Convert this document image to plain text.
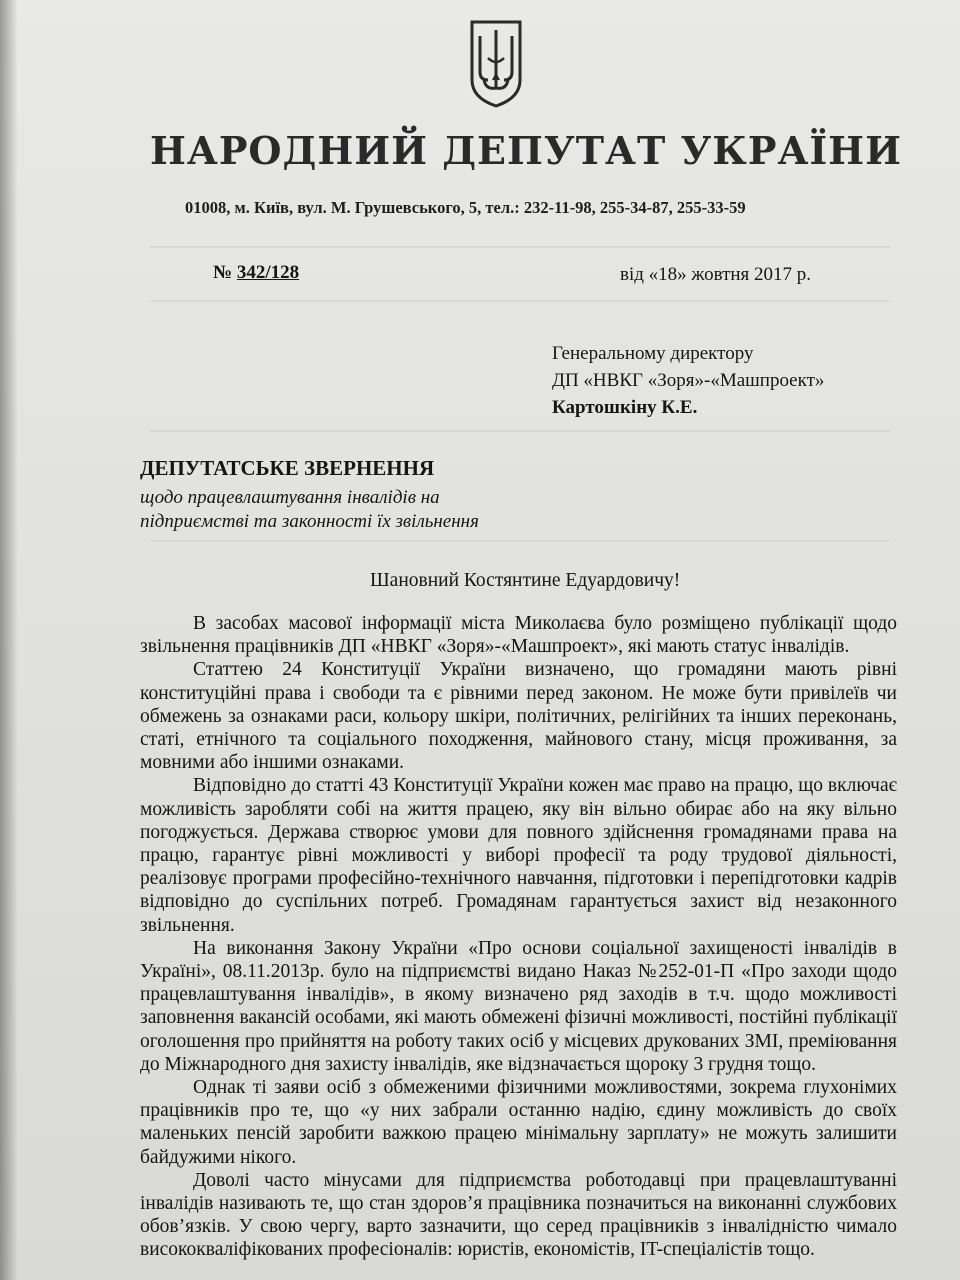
НАРОДНИЙ ДЕПУТАТ УКРАЇНИ
01008, м. Київ, вул. М. Грушевського, 5, тел.: 232-11-98, 255-34-87, 255-33-59
№ 342/128	від «18» жовтня 2017 р.
Генеральному директору
ДП «НВКГ «Зоря»-«Машпроект»
Картошкіну К.Е.
ДЕПУТАТСЬКЕ ЗВЕРНЕННЯ
щодо працевлаштування інвалідів на
підприємстві та законності їх звільнення
Шановний Костянтине Едуардовичу!

В засобах масової інформації міста Миколаєва було розміщено публікації щодо звільнення працівників ДП «НВКГ «Зоря»-«Машпроект», які мають статус інвалідів.

Статтею 24 Конституції України визначено, що громадяни мають рівні конституційні права і свободи та є рівними перед законом. Не може бути привілеїв чи обмежень за ознаками раси, кольору шкіри, політичних, релігійних та інших переконань, статі, етнічного та соціального походження, майнового стану, місця проживання, за мовними або іншими ознаками.

Відповідно до статті 43 Конституції України кожен має право на працю, що включає можливість заробляти собі на життя працею, яку він вільно обирає або на яку вільно погоджується. Держава створює умови для повного здійснення громадянами права на працю, гарантує рівні можливості у виборі професії та роду трудової діяльності, реалізовує програми професійно-технічного навчання, підготовки і перепідготовки кадрів відповідно до суспільних потреб. Громадянам гарантується захист від незаконного звільнення.

На виконання Закону України «Про основи соціальної захищеності інвалідів в Україні», 08.11.2013р. було на підприємстві видано Наказ №252-01-П «Про заходи щодо працевлаштування інвалідів», в якому визначено ряд заходів в т.ч. щодо можливості заповнення вакансій особами, які мають обмежені фізичні можливості, постійні публікації оголошення про прийняття на роботу таких осіб у місцевих друкованих ЗМІ, преміювання до Міжнародного дня захисту інвалідів, яке відзначається щороку 3 грудня тощо.

Однак ті заяви осіб з обмеженими фізичними можливостями, зокрема глухонімих працівників про те, що «у них забрали останню надію, єдину можливість до своїх маленьких пенсій заробити важкою працею мінімальну зарплату» не можуть залишити байдужими нікого.

Доволі часто мінусами для підприємства роботодавці при працевлаштуванні інвалідів називають те, що стан здоров’я працівника позначиться на виконанні службових обов’язків. У свою чергу, варто зазначити, що серед працівників з інвалідністю чимало висококваліфікованих професіоналів: юристів, економістів, IT-спеціалістів тощо.
